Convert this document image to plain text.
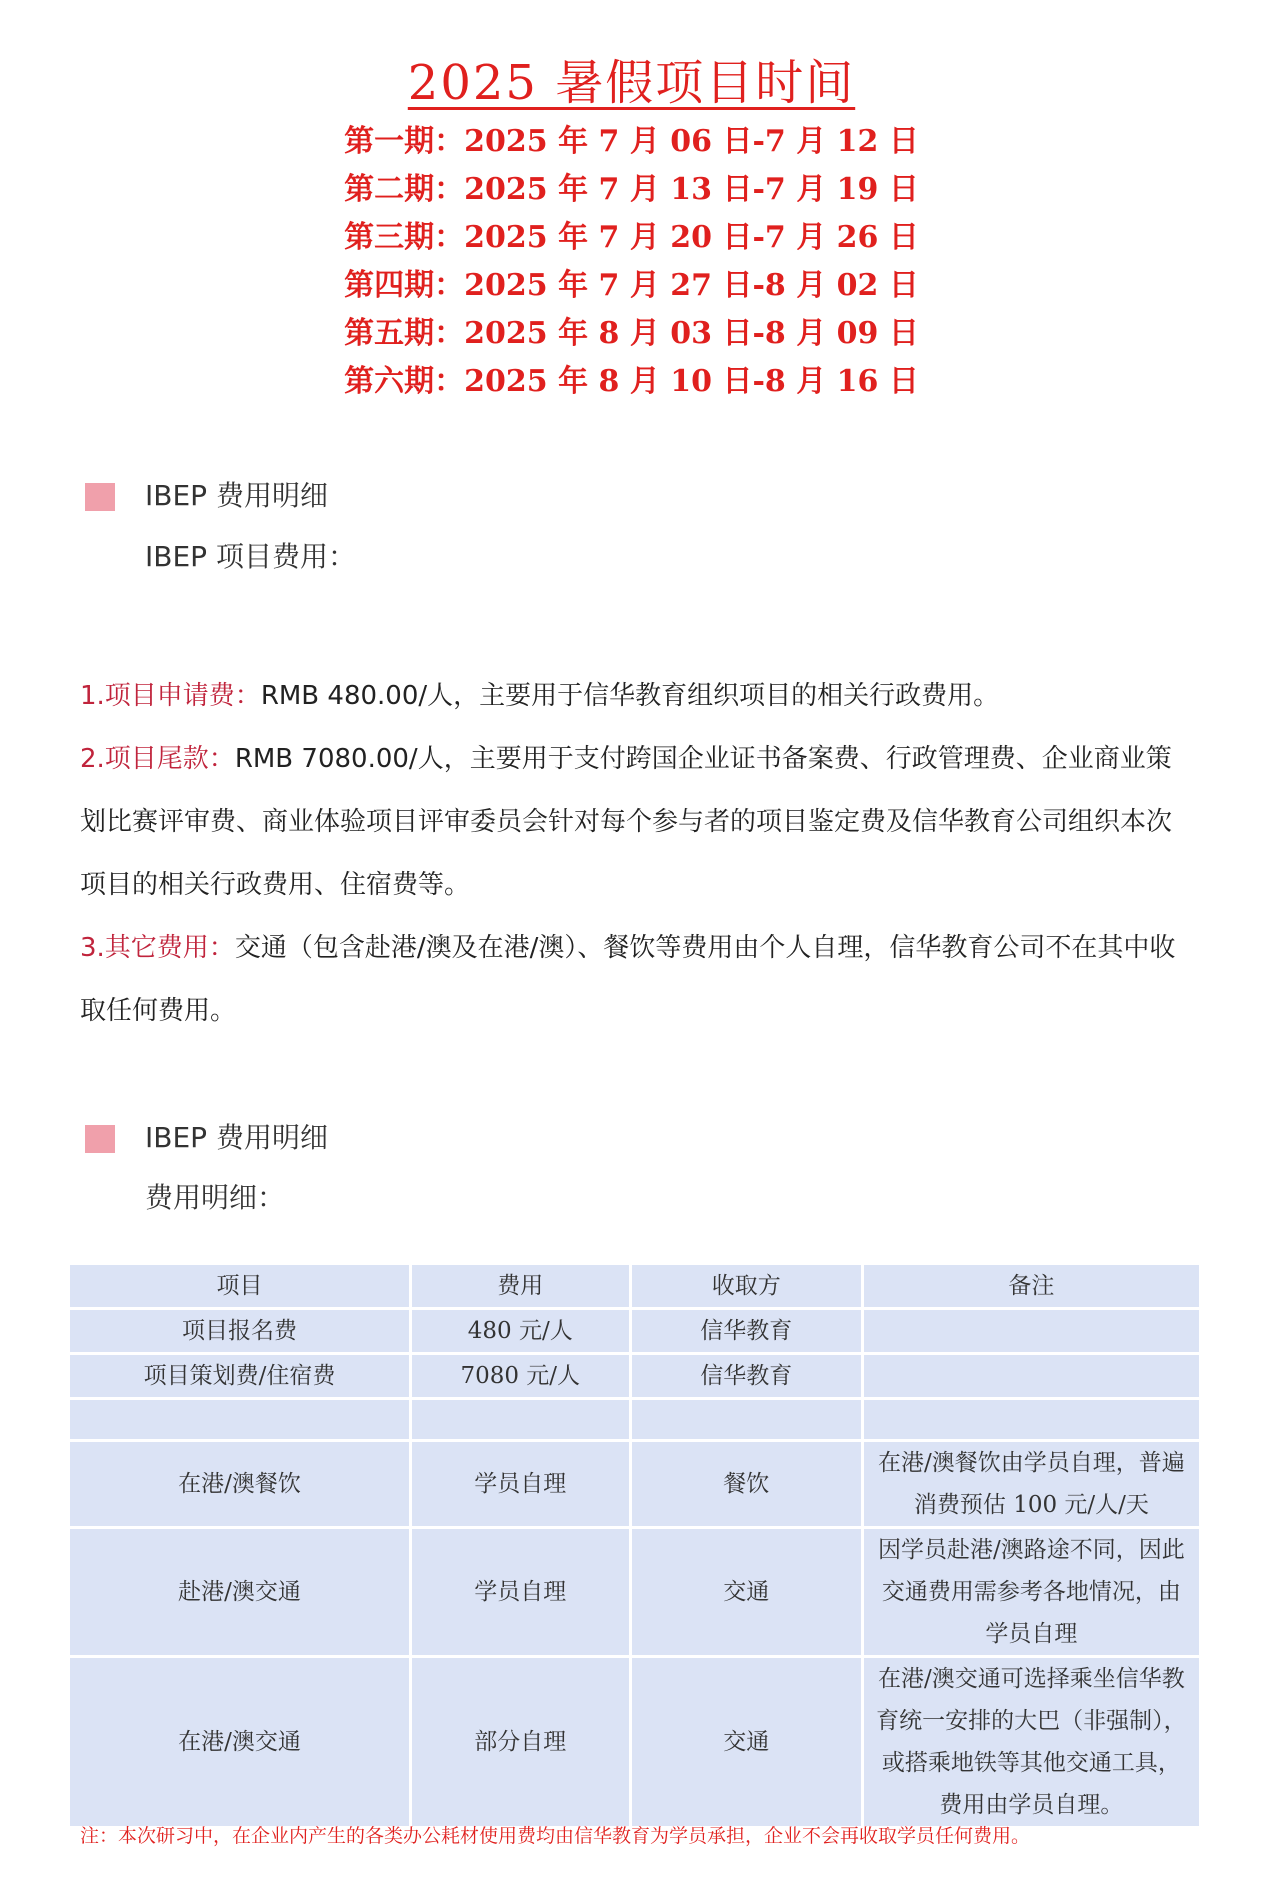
2025 暑假项目时间
第一期：2025 年 7 月 06 日-7 月 12 日
第二期：2025 年 7 月 13 日-7 月 19 日
第三期：2025 年 7 月 20 日-7 月 26 日
第四期：2025 年 7 月 27 日-8 月 02 日
第五期：2025 年 8 月 03 日-8 月 09 日
第六期：2025 年 8 月 10 日-8 月 16 日
IBEP 费用明细
IBEP 项目费用：

1.项目申请费：RMB 480.00/人，主要用于信华教育组织项目的相关行政费用。

2.项目尾款：RMB 7080.00/人，主要用于支付跨国企业证书备案费、行政管理费、企业商业策划比赛评审费、商业体验项目评审委员会针对每个参与者的项目鉴定费及信华教育公司组织本次项目的相关行政费用、住宿费等。

3.其它费用：交通（包含赴港/澳及在港/澳）、餐饮等费用由个人自理，信华教育公司不在其中收取任何费用。

IBEP 费用明细
费用明细：
项目	费用	收取方	备注
项目报名费	480 元/人	信华教育	
项目策划费/住宿费	7080 元/人	信华教育	

在港/澳餐饮	学员自理	餐饮	在港/澳餐饮由学员自理，普遍消费预估 100 元/人/天
赴港/澳交通	学员自理	交通	因学员赴港/澳路途不同，因此交通费用需参考各地情况，由学员自理
在港/澳交通	部分自理	交通	在港/澳交通可选择乘坐信华教育统一安排的大巴（非强制），或搭乘地铁等其他交通工具，费用由学员自理。
注：本次研习中，在企业内产生的各类办公耗材使用费均由信华教育为学员承担，企业不会再收取学员任何费用。
